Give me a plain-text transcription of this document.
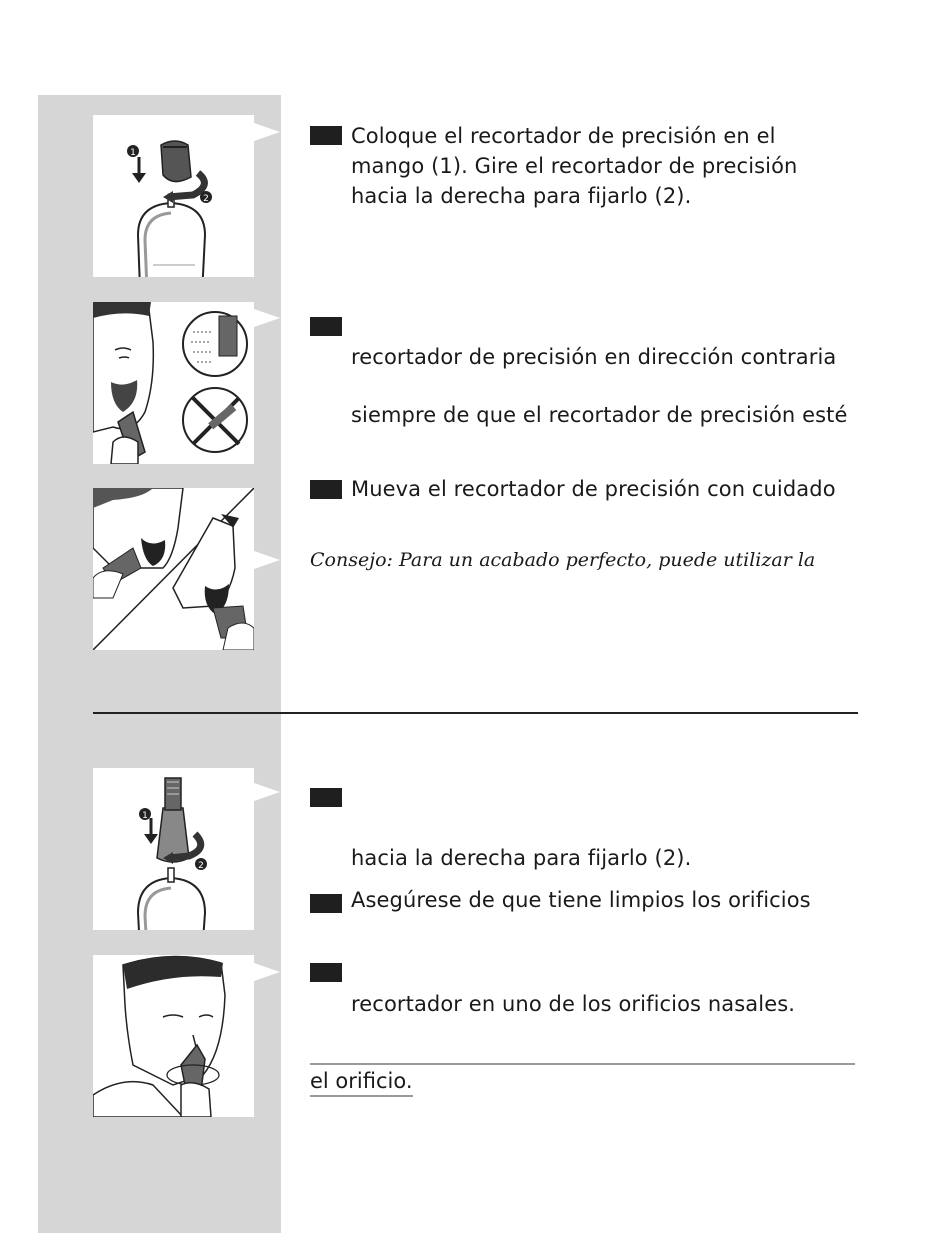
1
2
1
2
Coloque el recortador de precisión en el
mango (1). Gire el recortador de precisión
hacia la derecha para fijarlo (2).
recortador de precisión en dirección contraria
siempre de que el recortador de precisión esté
Mueva el recortador de precisión con cuidado
Consejo: Para un acabado perfecto, puede utilizar la
hacia la derecha para fijarlo (2).
Asegúrese de que tiene limpios los orificios
recortador en uno de los orificios nasales.
el orificio.
